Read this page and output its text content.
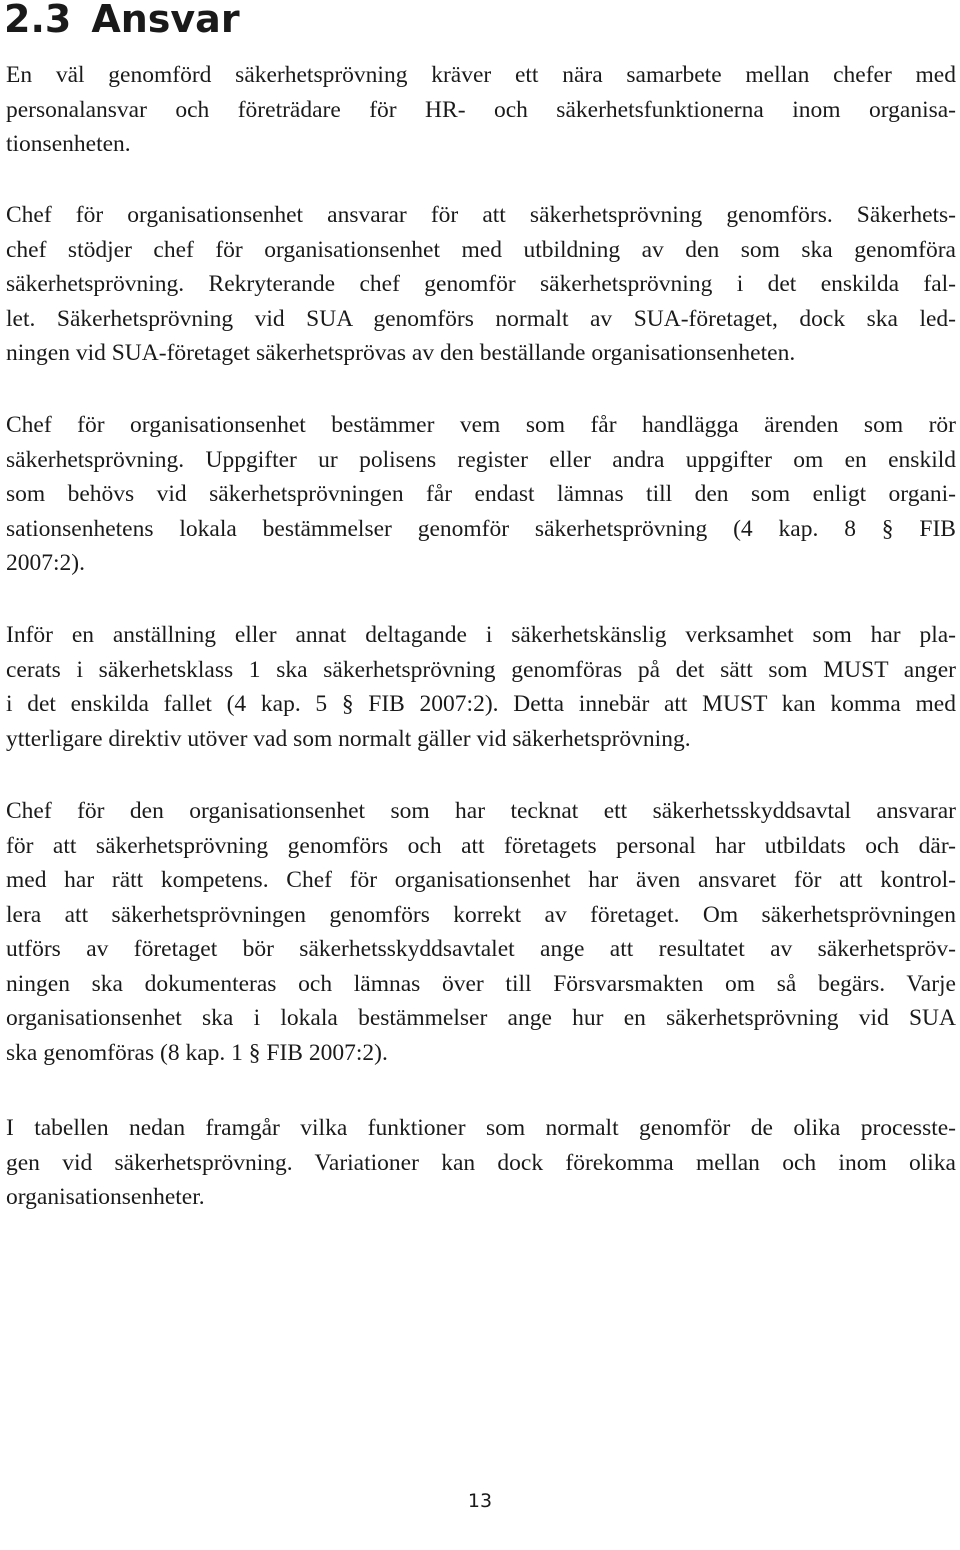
2.3 Ansvar
En väl genomförd säkerhetsprövning kräver ett nära samarbete mellan chefer med
personalansvar och företrädare för HR- och säkerhetsfunktionerna inom organisa-
tionsenheten.
Chef för organisationsenhet ansvarar för att säkerhetsprövning genomförs. Säkerhets-
chef stödjer chef för organisationsenhet med utbildning av den som ska genomföra
säkerhetsprövning. Rekryterande chef genomför säkerhetsprövning i det enskilda fal-
let. Säkerhetsprövning vid SUA genomförs normalt av SUA-företaget, dock ska led-
ningen vid SUA-företaget säkerhetsprövas av den beställande organisationsenheten.
Chef för organisationsenhet bestämmer vem som får handlägga ärenden som rör
säkerhetsprövning. Uppgifter ur polisens register eller andra uppgifter om en enskild
som behövs vid säkerhetsprövningen får endast lämnas till den som enligt organi-
sationsenhetens lokala bestämmelser genomför säkerhetsprövning (4 kap. 8 § FIB
2007:2).
Inför en anställning eller annat deltagande i säkerhetskänslig verksamhet som har pla-
cerats i säkerhetsklass 1 ska säkerhetsprövning genomföras på det sätt som MUST anger
i det enskilda fallet (4 kap. 5 § FIB 2007:2). Detta innebär att MUST kan komma med
ytterligare direktiv utöver vad som normalt gäller vid säkerhetsprövning.
Chef för den organisationsenhet som har tecknat ett säkerhetsskyddsavtal ansvarar
för att säkerhetsprövning genomförs och att företagets personal har utbildats och där-
med har rätt kompetens. Chef för organisationsenhet har även ansvaret för att kontrol-
lera att säkerhetsprövningen genomförs korrekt av företaget. Om säkerhetsprövningen
utförs av företaget bör säkerhetsskyddsavtalet ange att resultatet av säkerhetspröv-
ningen ska dokumenteras och lämnas över till Försvarsmakten om så begärs. Varje
organisationsenhet ska i lokala bestämmelser ange hur en säkerhetsprövning vid SUA
ska genomföras (8 kap. 1 § FIB 2007:2).
I tabellen nedan framgår vilka funktioner som normalt genomför de olika processte-
gen vid säkerhetsprövning. Variationer kan dock förekomma mellan och inom olika
organisationsenheter.
13
